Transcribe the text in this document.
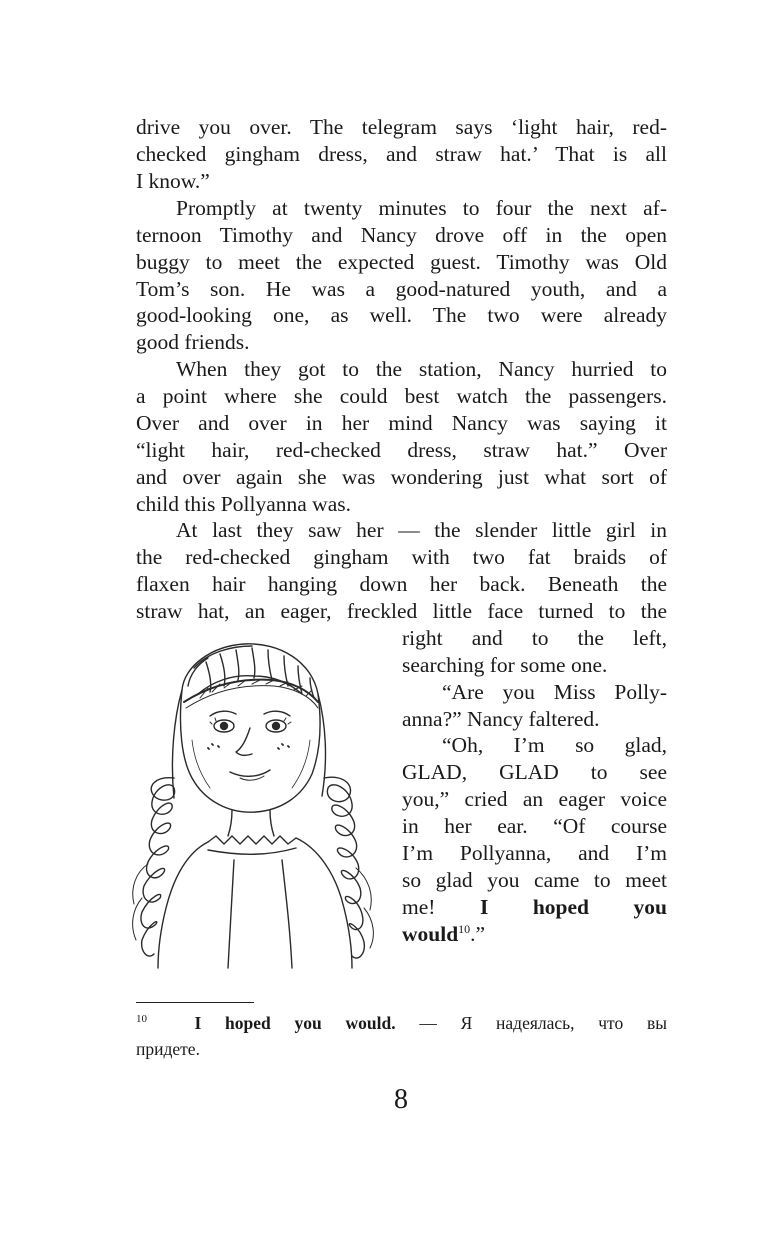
drive you over. The telegram says ‘light hair, red-
checked gingham dress, and straw hat.’ That is all
I know.”
Promptly at twenty minutes to four the next af-
ternoon Timothy and Nancy drove off in the open
buggy to meet the expected guest. Timothy was Old
Tom’s son. He was a good-natured youth, and a
good-looking one, as well. The two were already
good friends.
When they got to the station, Nancy hurried to
a point where she could best watch the passengers.
Over and over in her mind Nancy was saying it
“light hair, red-checked dress, straw hat.” Over
and over again she was wondering just what sort of
child this Pollyanna was.
At last they saw her — the slender little girl in
the red-checked gingham with two fat braids of
flaxen hair hanging down her back. Beneath the
straw hat, an eager, freckled little face turned to the
right and to the left,
searching for some one.
“Are you Miss Polly-
anna?” Nancy faltered.
“Oh, I’m so glad,
GLAD, GLAD to see
you,” cried an eager voice
in her ear. “Of course
I’m Pollyanna, and I’m
so glad you came to meet
me! I hoped you
would$^{10}$.”
$^{10}$	I hoped you would. — Я надеялась, что вы
придете.
8
